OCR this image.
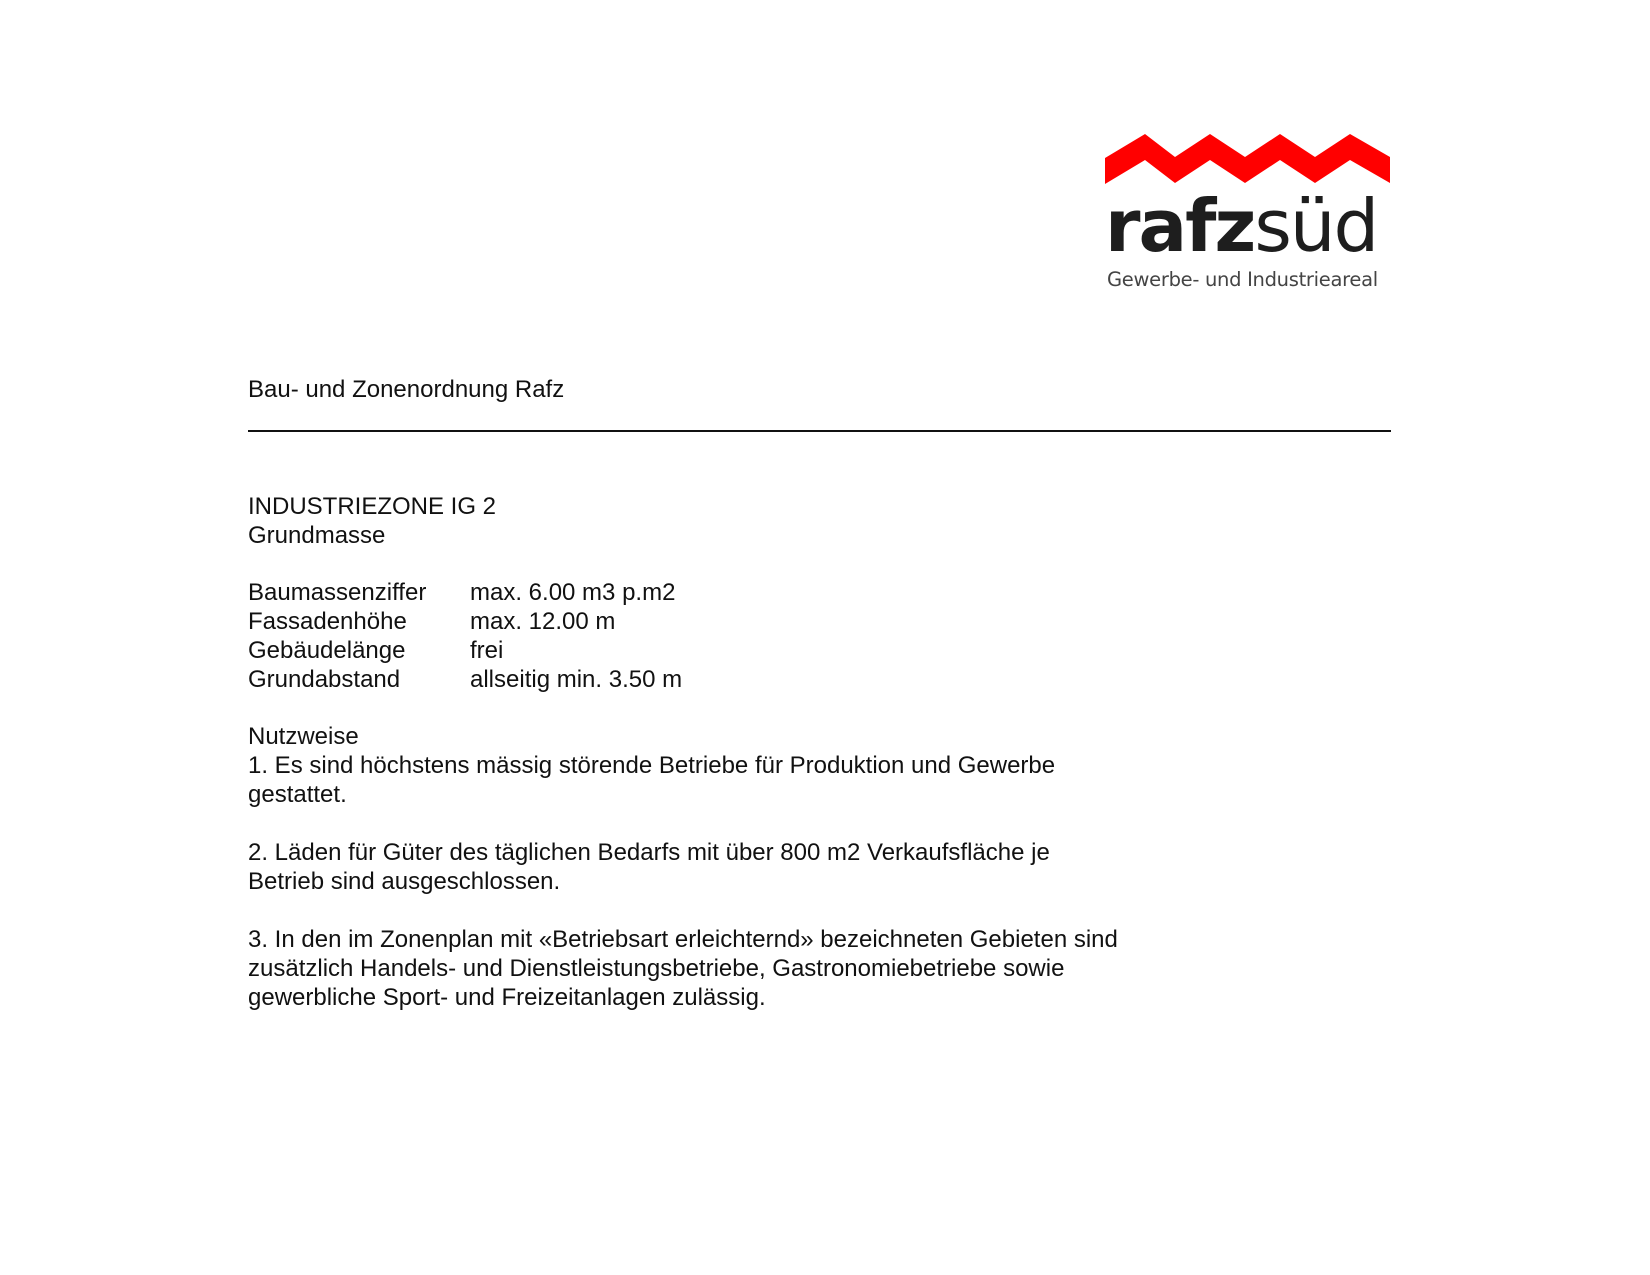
rafzsüd
Gewerbe- und Industrieareal
Bau- und Zonenordnung Rafz
INDUSTRIEZONE IG 2
Grundmasse
Baumassenziffer	max. 6.00 m3 p.m2
Fassadenhöhe	max. 12.00 m
Gebäudelänge	frei
Grundabstand	allseitig min. 3.50 m
Nutzweise

1. Es sind höchstens mässig störende Betriebe für Produktion und Gewerbe gestattet.

2. Läden für Güter des täglichen Bedarfs mit über 800 m2 Verkaufsfläche je Betrieb sind ausgeschlossen.

3. In den im Zonenplan mit «Betriebsart erleichternd» bezeichneten Gebieten sind zusätzlich Handels- und Dienstleistungsbetriebe, Gastronomiebetriebe sowie gewerbliche Sport- und Freizeitanlagen zulässig.
